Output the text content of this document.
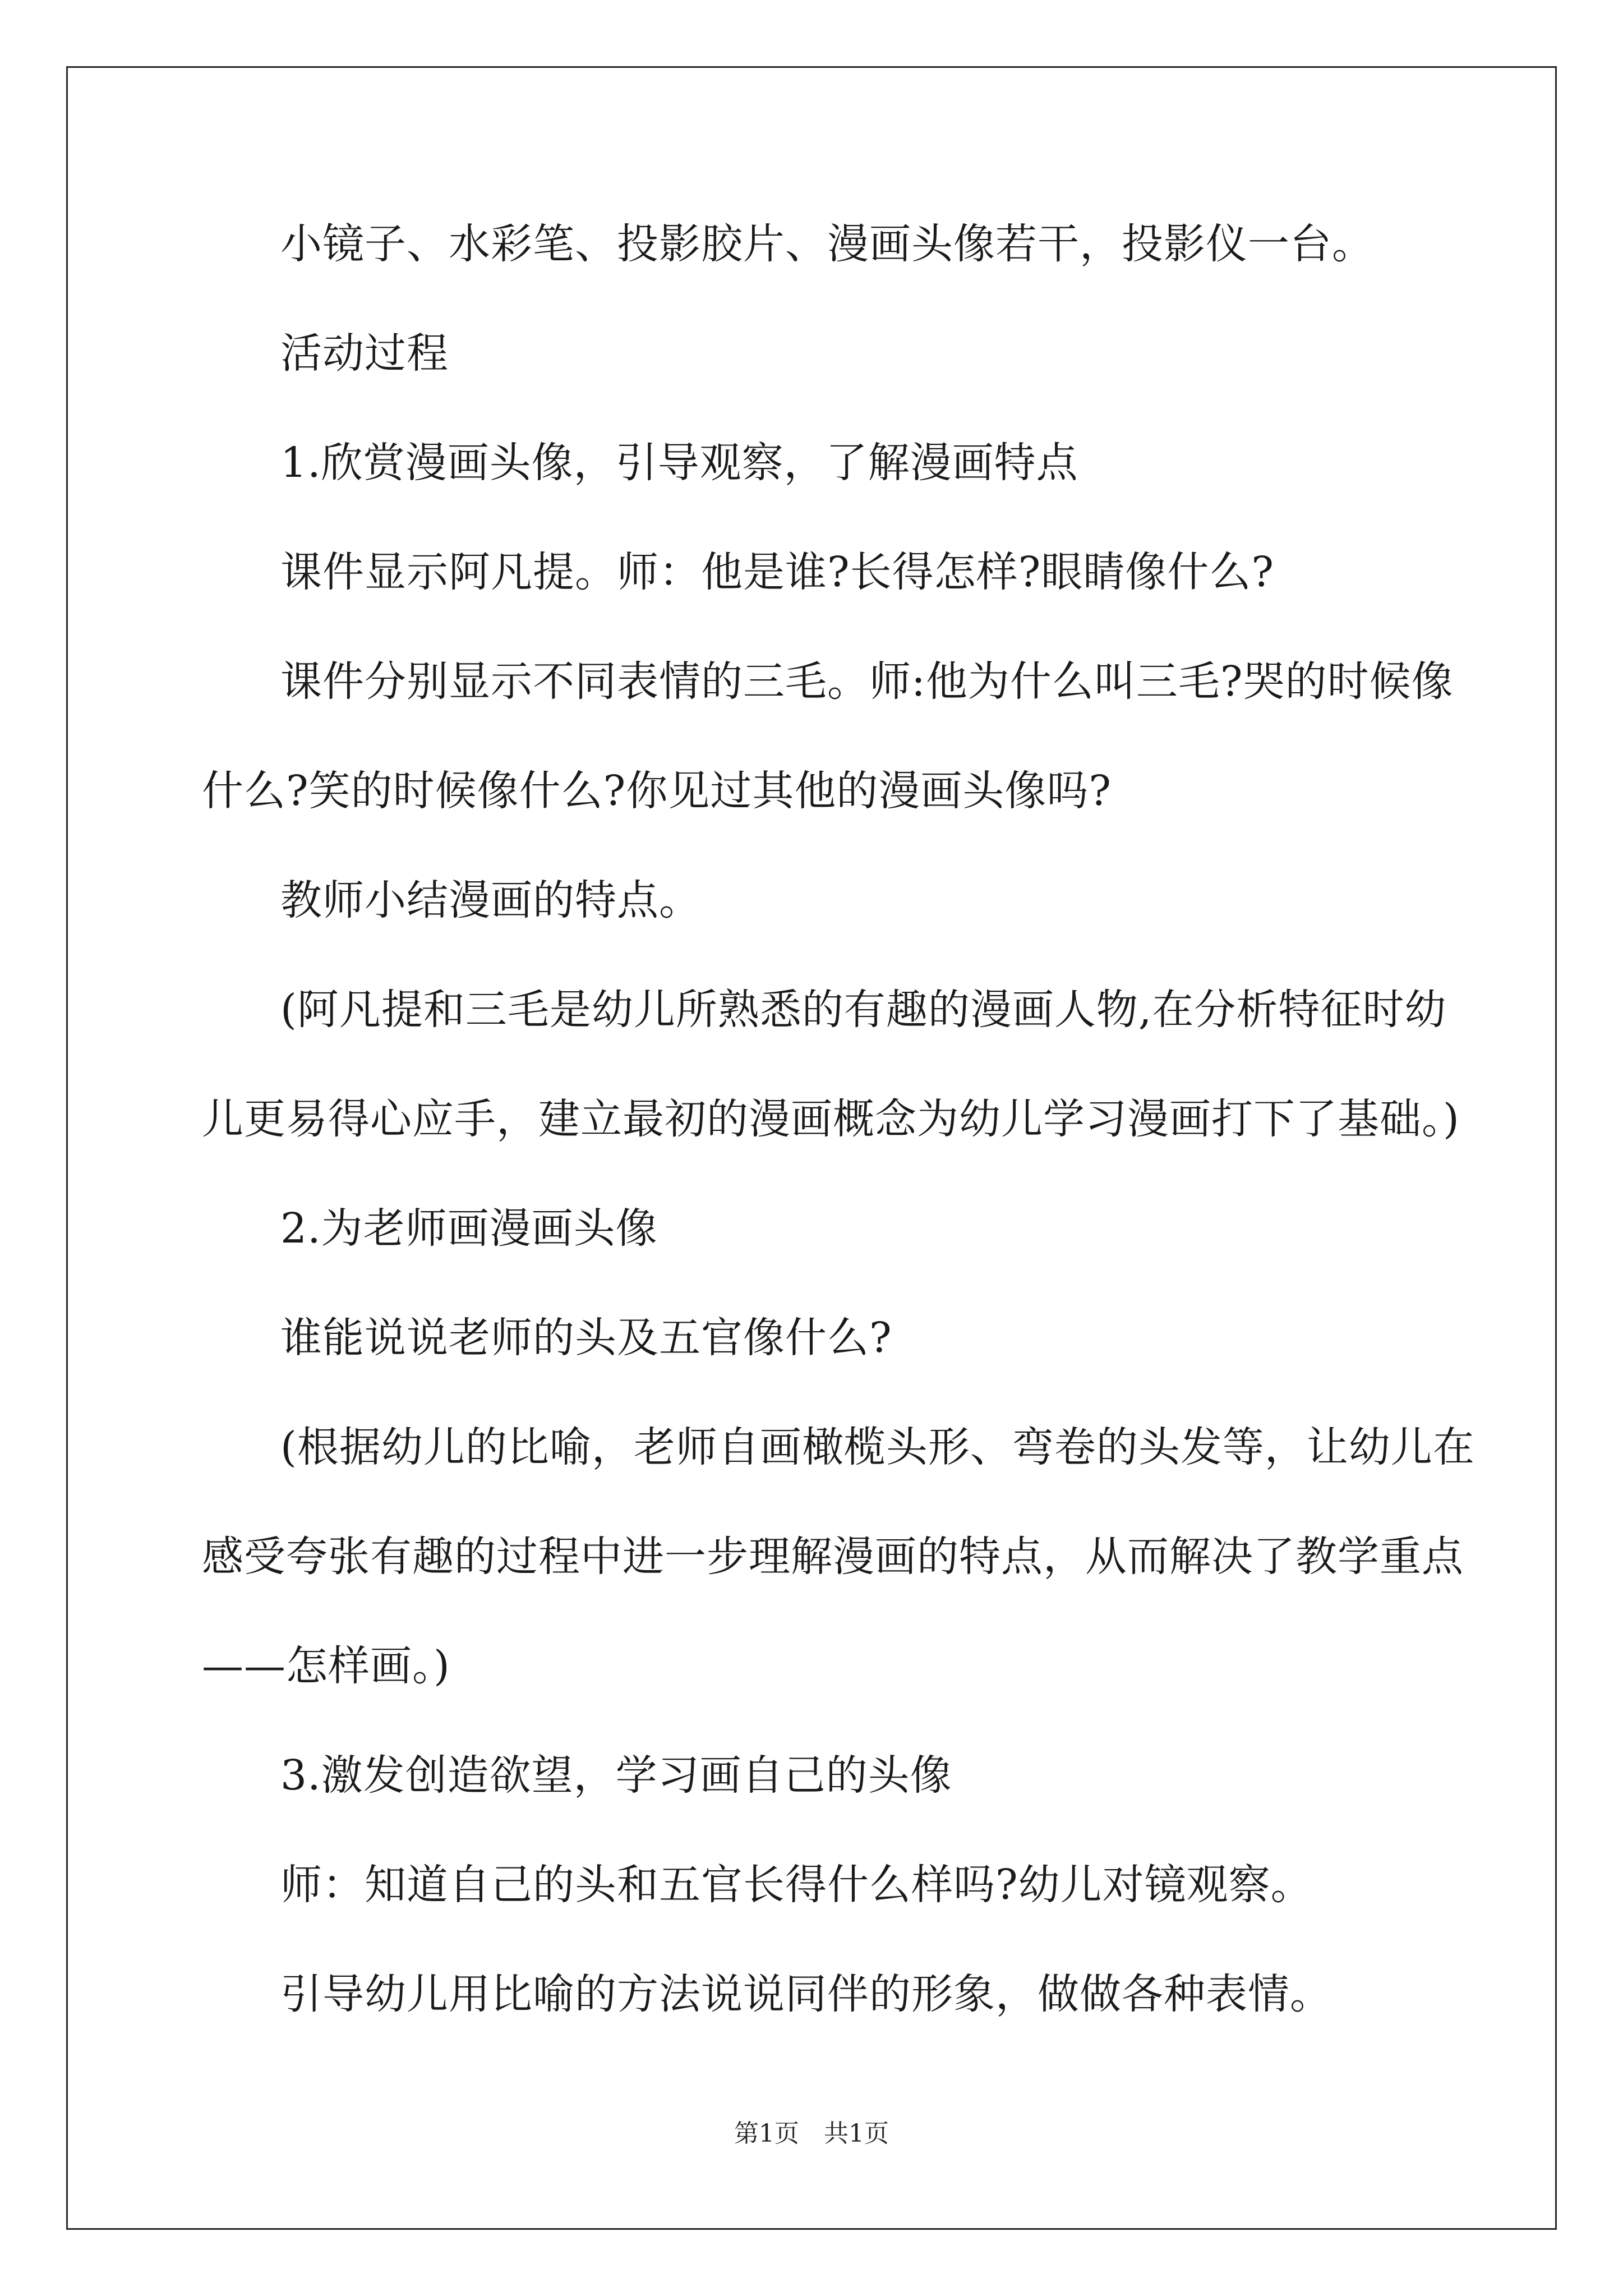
小镜子、水彩笔、投影胶片、漫画头像若干，投影仪一台。

活动过程

1.欣赏漫画头像，引导观察，了解漫画特点

课件显示阿凡提。师：他是谁?长得怎样?眼睛像什么?

课件分别显示不同表情的三毛。师:他为什么叫三毛?哭的时候像

什么?笑的时候像什么?你见过其他的漫画头像吗?

教师小结漫画的特点。

(阿凡提和三毛是幼儿所熟悉的有趣的漫画人物,在分析特征时幼

儿更易得心应手，建立最初的漫画概念为幼儿学习漫画打下了基础。)

2.为老师画漫画头像

谁能说说老师的头及五官像什么?

(根据幼儿的比喻，老师自画橄榄头形、弯卷的头发等，让幼儿在

感受夸张有趣的过程中进一步理解漫画的特点，从而解决了教学重点

——怎样画。)

3.激发创造欲望，学习画自己的头像

师：知道自己的头和五官长得什么样吗?幼儿对镜观察。

引导幼儿用比喻的方法说说同伴的形象，做做各种表情。

第1页　共1页
